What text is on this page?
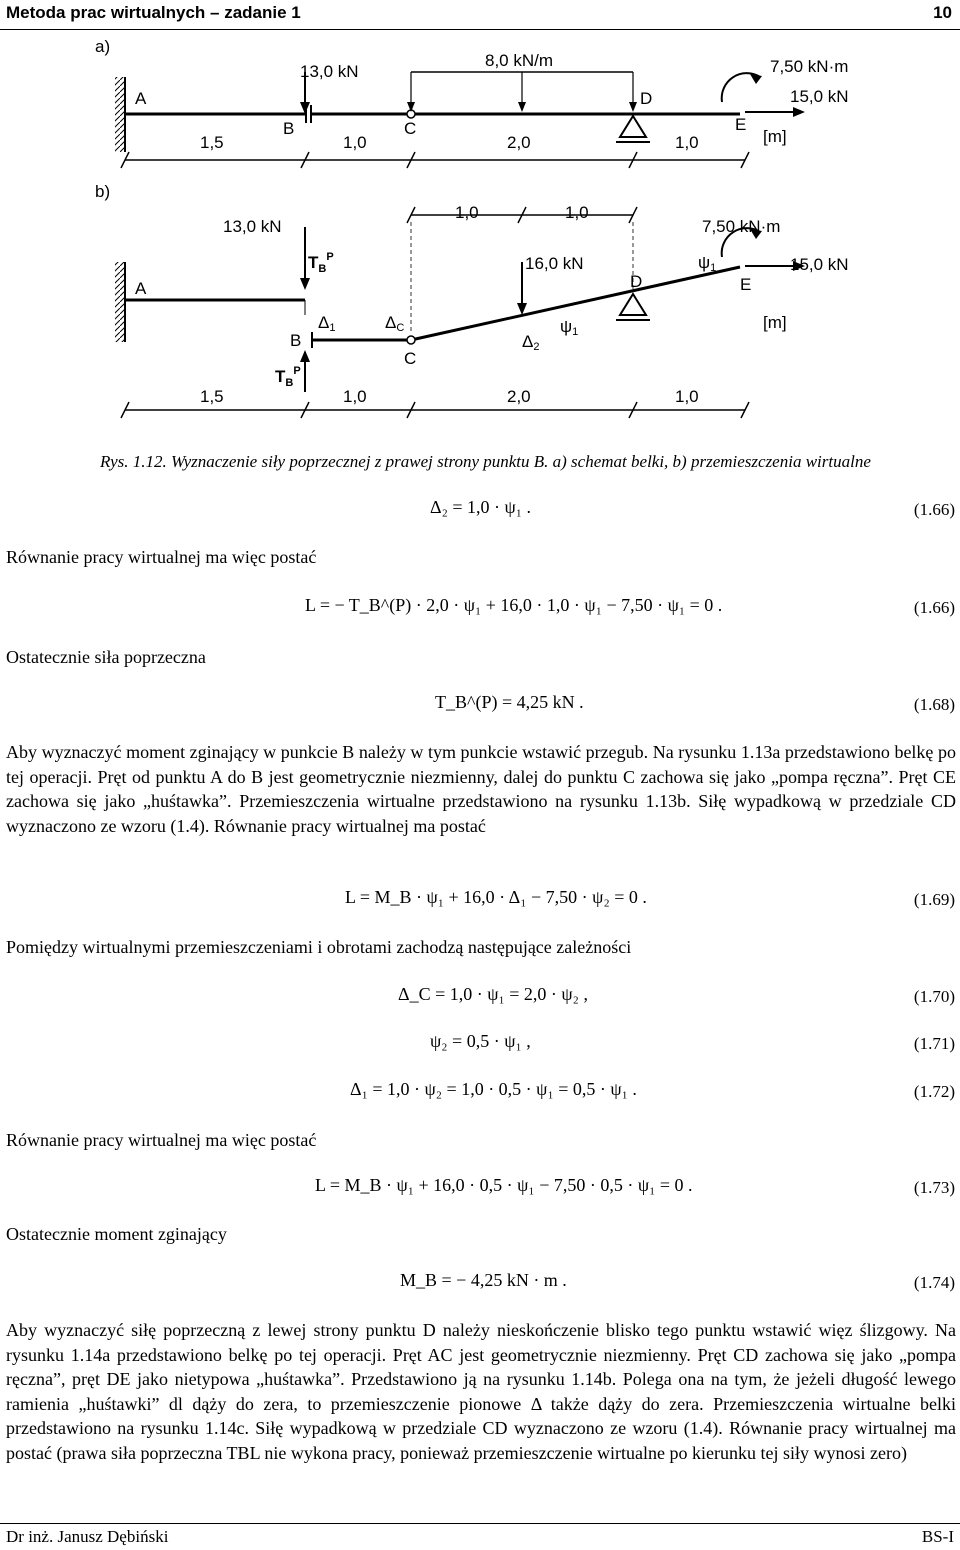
Metoda prac wirtualnych – zadanie 1	10
a)
13,0 kN
8,0 kN/m	7,50 kN·m
15,0 kN
A
B	C
D
E
1,5	1,0	2,0	1,0	[m]
b)
13,0 kN
16,0 kN
7,50 kN·m
15,0 kN
1,0	1,0
A
B
C
D	E
$T_B^P$
$T_B^P$
Δ1	ΔC
Δ2
ψ1
ψ1
1,5	1,0	2,0	1,0
[m]
Rys. 1.12. Wyznaczenie siły poprzecznej z prawej strony punktu B. a) schemat belki, b) przemieszczenia wirtualne
Δ₂ = 1,0 · ψ₁ .	(1.66)
Równanie pracy wirtualnej ma więc postać
L = − T_B^(P) · 2,0 · ψ₁ + 16,0 · 1,0 · ψ₁ − 7,50 · ψ₁ = 0 .	(1.66)
Ostatecznie siła poprzeczna
T_B^(P) = 4,25 kN .	(1.68)
Aby wyznaczyć moment zginający w punkcie B należy w tym punkcie wstawić przegub. Na rysunku 1.13a przedstawiono belkę po tej operacji. Pręt od punktu A do B jest geometrycznie niezmienny, dalej do punktu C zachowa się jako „pompa ręczna”. Pręt CE zachowa się jako „huśtawka”. Przemieszczenia wirtualne przedstawiono na rysunku 1.13b. Siłę wypadkową w przedziale CD wyznaczono ze wzoru (1.4). Równanie pracy wirtualnej ma postać
L = M_B · ψ₁ + 16,0 · Δ₁ − 7,50 · ψ₂ = 0 .	(1.69)
Pomiędzy wirtualnymi przemieszczeniami i obrotami zachodzą następujące zależności
Δ_C = 1,0 · ψ₁ = 2,0 · ψ₂ ,	(1.70)
ψ₂ = 0,5 · ψ₁ ,	(1.71)
Δ₁ = 1,0 · ψ₂ = 1,0 · 0,5 · ψ₁ = 0,5 · ψ₁ .	(1.72)
Równanie pracy wirtualnej ma więc postać
L = M_B · ψ₁ + 16,0 · 0,5 · ψ₁ − 7,50 · 0,5 · ψ₁ = 0 .	(1.73)
Ostatecznie moment zginający
M_B = − 4,25 kN · m .	(1.74)
Aby wyznaczyć siłę poprzeczną z lewej strony punktu D należy nieskończenie blisko tego punktu wstawić więz ślizgowy. Na rysunku 1.14a przedstawiono belkę po tej operacji. Pręt AC jest geometrycznie niezmienny. Pręt CD zachowa się jako „pompa ręczna”, pręt DE jako nietypowa „huśtawka”. Przedstawiono ją na rysunku 1.14b. Polega ona na tym, że jeżeli długość lewego ramienia „huśtawki” dl dąży do zera, to przemieszczenie pionowe Δ także dąży do zera. Przemieszczenia wirtualne belki przedstawiono na rysunku 1.14c. Siłę wypadkową w przedziale CD wyznaczono ze wzoru (1.4). Równanie pracy wirtualnej ma postać (prawa siła poprzeczna TBL nie wykona pracy, ponieważ przemieszczenie wirtualne po kierunku tej siły wynosi zero)
Dr inż. Janusz Dębiński	BS-I
